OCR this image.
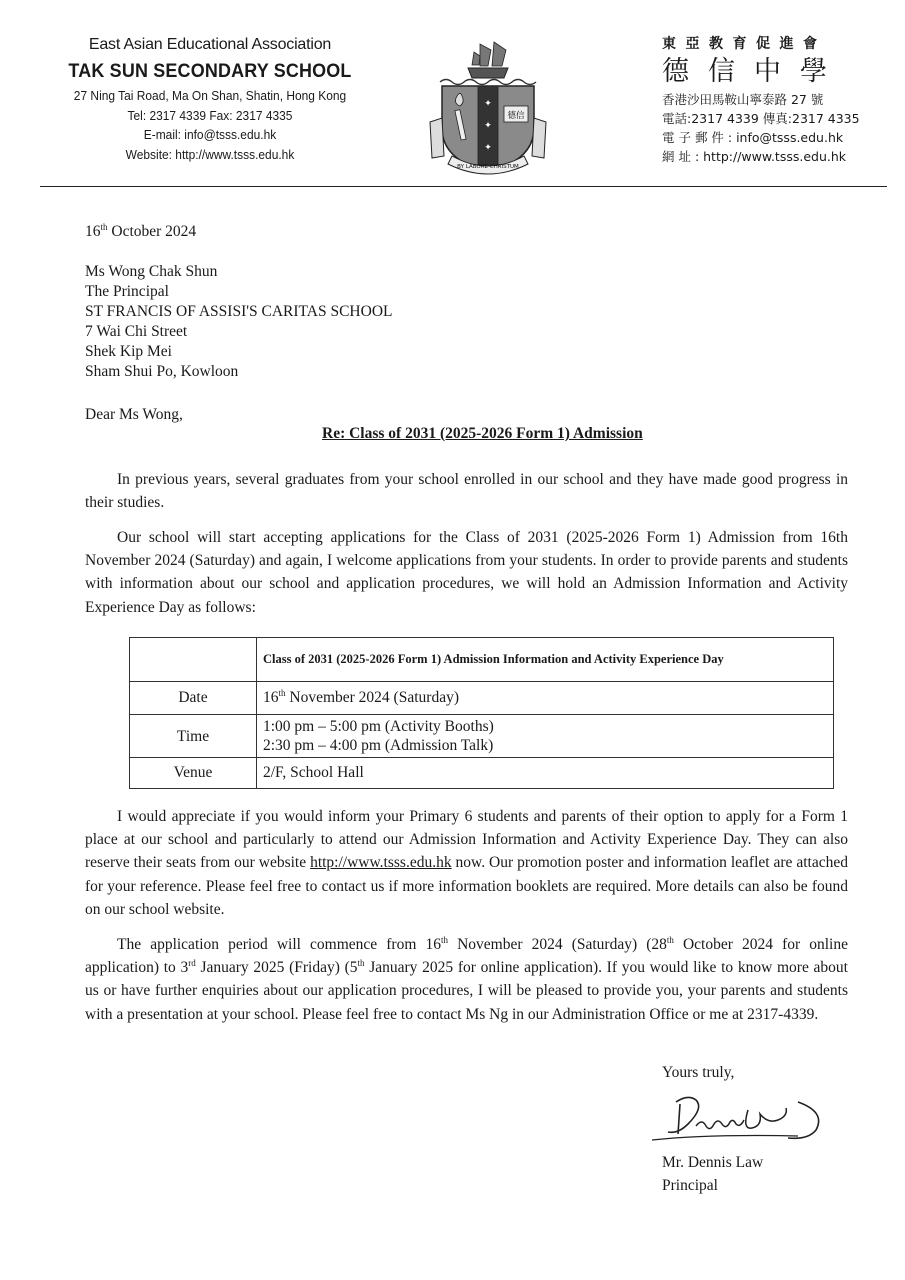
East Asian Educational Association
TAK SUN SECONDARY SCHOOL
27 Ning Tai Road, Ma On Shan, Shatin, Hong Kong
Tel: 2317 4339 Fax: 2317 4335
E-mail: info@tsss.edu.hk
Website: http://www.tsss.edu.hk
✦
✦
✦
德信
BY LABORE CHRISTUM
東亞教育促進會
德信中學
香港沙田馬鞍山寧泰路 27 號
電話:2317 4339 傳真:2317 4335
電 子 郵 件 : info@tsss.edu.hk
網 址 : http://www.tsss.edu.hk
16th October 2024
Ms Wong Chak Shun
The Principal
ST FRANCIS OF ASSISI'S CARITAS SCHOOL
7 Wai Chi Street
Shek Kip Mei
Sham Shui Po, Kowloon
Dear Ms Wong,
Re: Class of 2031 (2025-2026 Form 1) Admission
In previous years, several graduates from your school enrolled in our school and they have made good progress in their studies.
Our school will start accepting applications for the Class of 2031 (2025-2026 Form 1) Admission from 16th November 2024 (Saturday) and again, I welcome applications from your students. In order to provide parents and students with information about our school and application procedures, we will hold an Admission Information and Activity Experience Day as follows:
	Class of 2031 (2025-2026 Form 1) Admission Information and Activity Experience Day
Date	16th November 2024 (Saturday)
Time	1:00 pm – 5:00 pm (Activity Booths)
2:30 pm – 4:00 pm (Admission Talk)

Venue	2/F, School Hall
I would appreciate if you would inform your Primary 6 students and parents of their option to apply for a Form 1 place at our school and particularly to attend our Admission Information and Activity Experience Day. They can also reserve their seats from our website http://www.tsss.edu.hk now. Our promotion poster and information leaflet are attached for your reference. Please feel free to contact us if more information booklets are required. More details can also be found on our school website.
The application period will commence from 16th November 2024 (Saturday) (28th October 2024 for online application) to 3rd January 2025 (Friday) (5th January 2025 for online application). If you would like to know more about us or have further enquiries about our application procedures, I will be pleased to provide you, your parents and students with a presentation at your school. Please feel free to contact Ms Ng in our Administration Office or me at 2317-4339.
Yours truly,
Mr. Dennis Law
Principal
